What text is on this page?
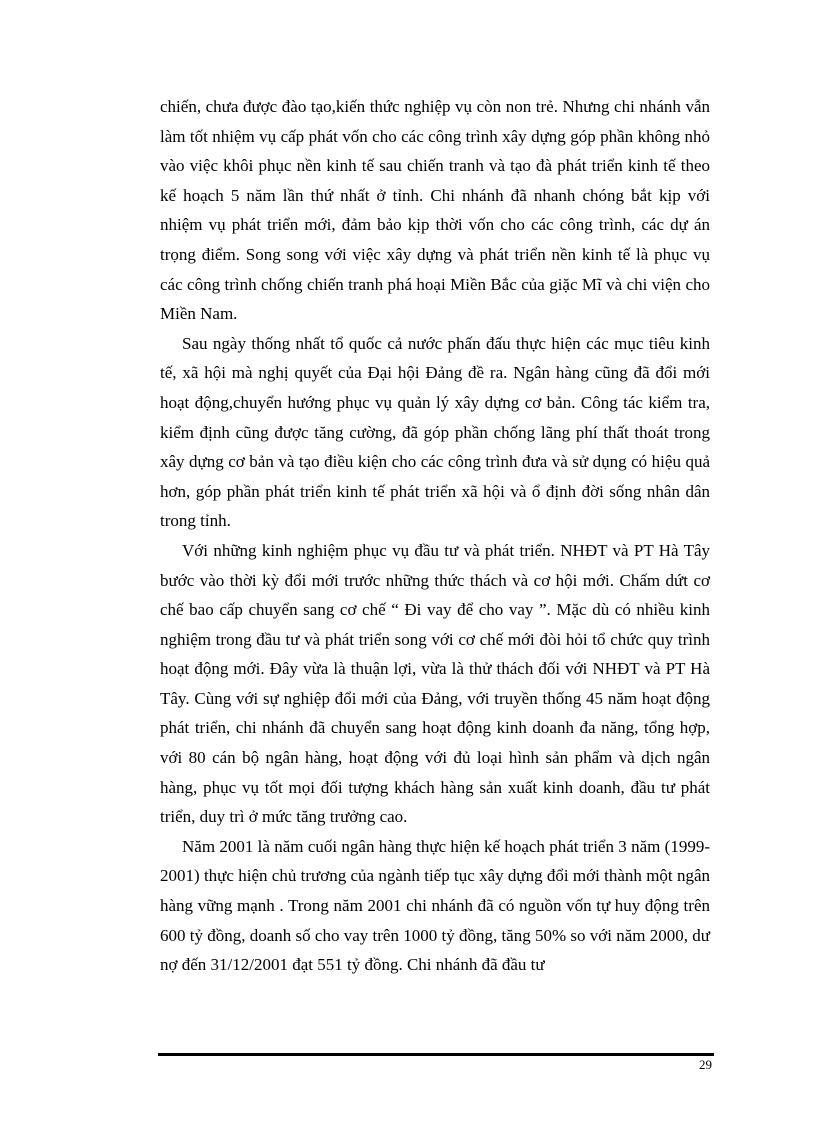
chiến, chưa được đào tạo,kiến thức nghiệp vụ còn non trẻ. Nhưng chi nhánh vẫn làm tốt nhiệm vụ cấp phát vốn cho các công trình xây dựng góp phần không nhỏ vào việc khôi phục nền kinh tế sau chiến tranh và tạo đà phát triển kinh tế theo kế hoạch 5 năm lần thứ nhất ở tỉnh. Chi nhánh đã nhanh chóng bắt kịp với nhiệm vụ phát triển mới, đảm bảo kịp thời vốn cho các công trình, các dự án trọng điểm. Song song với việc xây dựng và phát triển nền kinh tế là phục vụ các công trình chống chiến tranh phá hoại Miền Bắc của giặc Mĩ và chi viện cho Miền Nam.

Sau ngày thống nhất tổ quốc cả nước phấn đấu thực hiện các mục tiêu kinh tế, xã hội mà nghị quyết của Đại hội Đảng đề ra. Ngân hàng cũng đã đổi mới hoạt động,chuyển hướng phục vụ quản lý xây dựng cơ bản. Công tác kiểm tra, kiểm định cũng được tăng cường, đã góp phần chống lãng phí thất thoát trong xây dựng cơ bản và tạo điều kiện cho các công trình đưa và sử dụng có hiệu quả hơn, góp phần phát triển kinh tế phát triển xã hội và ổ định đời sống nhân dân trong tỉnh.

Với những kinh nghiệm phục vụ đầu tư và phát triển. NHĐT và PT Hà Tây bước vào thời kỳ đổi mới trước những thức thách và cơ hội mới. Chấm dứt cơ chế bao cấp chuyển sang cơ chế “ Đi vay để cho vay ”. Mặc dù có nhiều kinh nghiệm trong đầu tư và phát triển song với cơ chế mới đòi hỏi tổ chức quy trình hoạt động mới. Đây vừa là thuận lợi, vừa là thử thách đối với NHĐT và PT Hà Tây. Cùng với sự nghiệp đổi mới của Đảng, với truyền thống 45 năm hoạt động phát triển, chi nhánh đã chuyển sang hoạt động kinh doanh đa năng, tổng hợp, với 80 cán bộ ngân hàng, hoạt động với đủ loại hình sản phẩm và dịch ngân hàng, phục vụ tốt mọi đối tượng khách hàng sản xuất kinh doanh, đầu tư phát triển, duy trì ở mức tăng trưởng cao.

Năm 2001 là năm cuối ngân hàng thực hiện kế hoạch phát triển 3 năm (1999- 2001) thực hiện chủ trương của ngành tiếp tục xây dựng đổi mới thành một ngân hàng vững mạnh . Trong năm 2001 chi nhánh đã có nguồn vốn tự huy động trên 600 tỷ đồng, doanh số cho vay trên 1000 tỷ đồng, tăng 50% so với năm 2000, dư nợ đến 31/12/2001 đạt 551 tỷ đồng. Chi nhánh đã đầu tư

29
